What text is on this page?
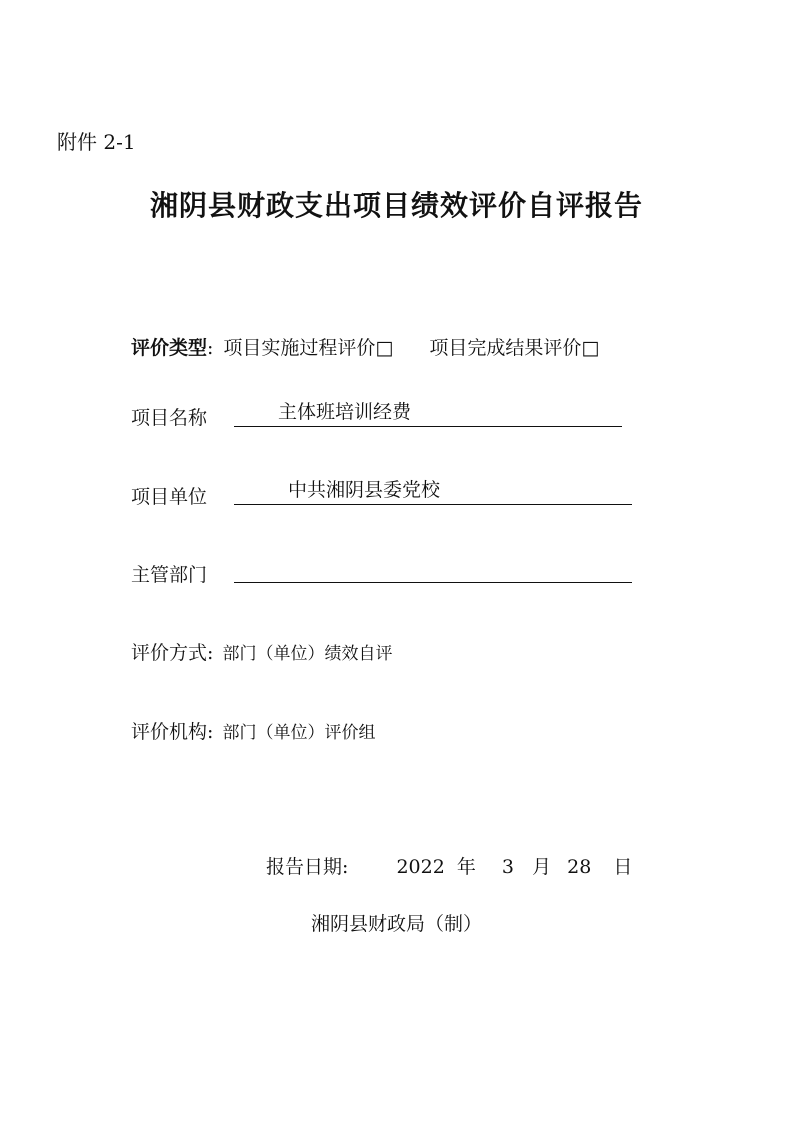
附件 2-1
湘阴县财政支出项目绩效评价自评报告
评价类型: 项目实施过程评价□ 项目完成结果评价□
项目名称	主体班培训经费
项目单位	中共湘阴县委党校
主管部门
评价方式: 部门（单位）绩效自评
评价机构: 部门（单位）评价组
报告日期:	2022 年 3 月 28 日
湘阴县财政局（制）
